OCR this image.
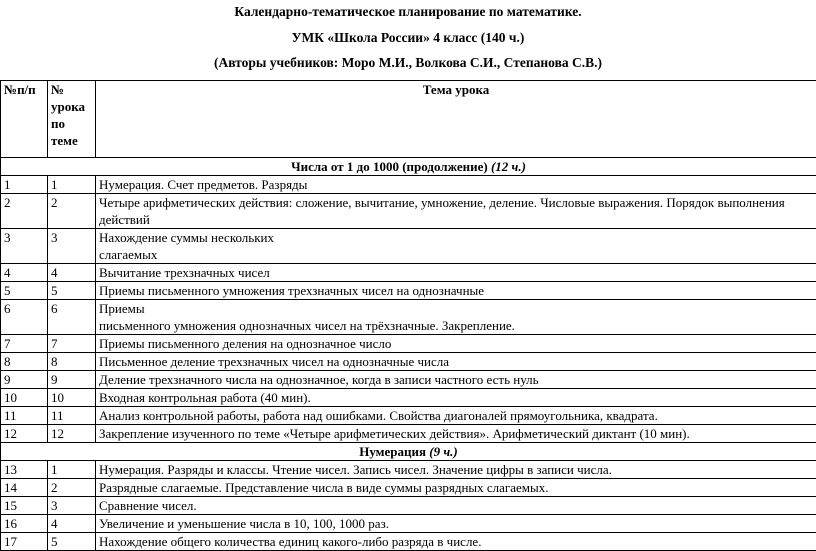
Календарно-тематическое планирование по математике.
УМК «Школа России» 4 класс (140 ч.)
(Авторы учебников: Моро М.И., Волкова С.И., Степанова С.В.)
№п/п	№
урока
по
теме	Тема урока
Числа от 1 до 1000 (продолжение) (12 ч.)		
1	1	Нумерация. Счет предметов. Разряды

2	2	Четыре арифметических действия: сложение, вычитание, умножение, деление. Числовые выражения. Порядок выполнения действий

3	3	Нахождение суммы нескольких
слагаемых

4	4	Вычитание трехзначных чисел

5	5	Приемы письменного умножения трехзначных чисел на однозначные

6	6	Приемы
письменного умножения однозначных чисел на трёхзначные. Закрепление.

7	7	Приемы письменного деления на однозначное число

8	8	Письменное деление трехзначных чисел на однозначные числа

9	9	Деление трехзначного числа на однозначное, когда в записи частного есть нуль

10	10	Входная контрольная работа (40 мин).

11	11	Анализ контрольной работы, работа над ошибками. Свойства диагоналей прямоугольника, квадрата.

12	12	Закрепление изученного по теме «Четыре арифметических действия». Арифметический диктант (10 мин).

Нумерация (9 ч.)		
13	1	Нумерация. Разряды и классы. Чтение чисел. Запись чисел. Значение цифры в записи числа.

14	2	Разрядные слагаемые. Представление числа в виде суммы разрядных слагаемых.

15	3	Сравнение чисел.

16	4	Увеличение и уменьшение числа в 10, 100, 1000 раз.

17	5	Нахождение общего количества единиц какого-либо разряда в числе.
